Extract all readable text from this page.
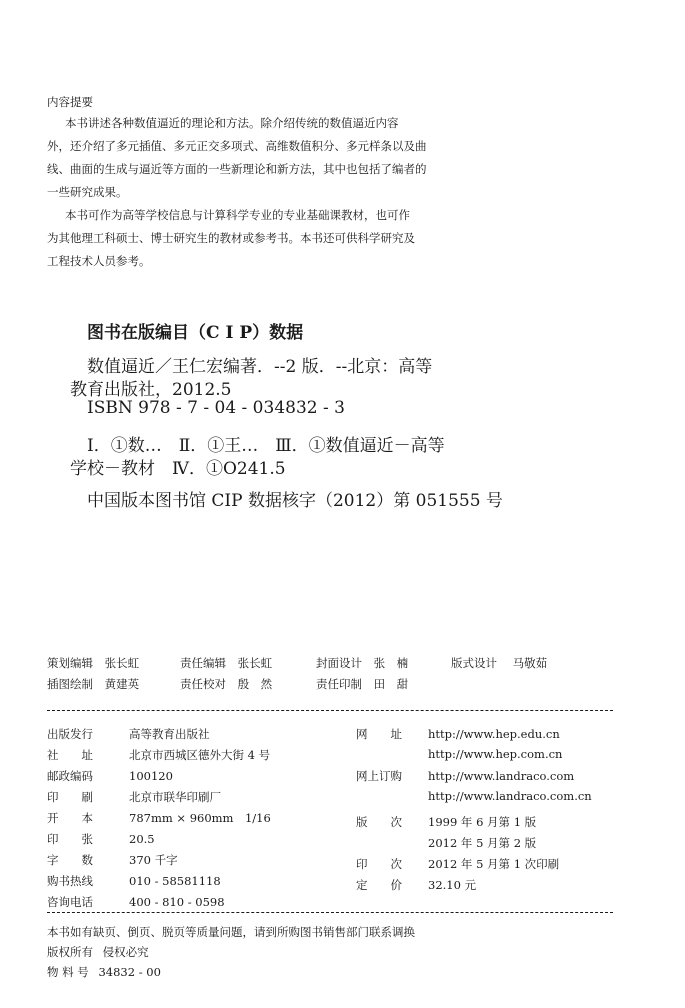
内容提要

本书讲述各种数值逼近的理论和方法。除介绍传统的数值逼近内容

外，还介绍了多元插值、多元正交多项式、高维数值积分、多元样条以及曲

线、曲面的生成与逼近等方面的一些新理论和新方法，其中也包括了编者的

一些研究成果。

本书可作为高等学校信息与计算科学专业的专业基础课教材，也可作

为其他理工科硕士、博士研究生的教材或参考书。本书还可供科学研究及

工程技术人员参考。

图书在版编目（C I P）数据
数值逼近／王仁宏编著．--2 版．--北京：高等
教育出版社，2012.5
ISBN 978 - 7 - 04 - 034832 - 3
Ⅰ．①数…　Ⅱ．①王…　Ⅲ．①数值逼近－高等
学校－教材　Ⅳ．①O241.5
中国版本图书馆 CIP 数据核字（2012）第 051555 号
策划编辑 张长虹	责任编辑 张长虹	封面设计 张　楠	版式设计 马敬茹
插图绘制 黄建英	责任校对 殷　然	责任印制 田　甜
出版发行	高等教育出版社
社　　址	北京市西城区德外大街 4 号
邮政编码	100120
印　　刷	北京市联华印刷厂
开　　本	787mm × 960mm　1/16
印　　张	20.5
字　　数	370 千字
购书热线	010 - 58581118
咨询电话	400 - 810 - 0598
网　　址 http://www.hep.edu.cn
http://www.hep.com.cn
网上订购 http://www.landraco.com
http://www.landraco.com.cn
版　　次 1999 年 6 月第 1 版
2012 年 5 月第 2 版
印　　次 2012 年 5 月第 1 次印刷
定　　价 32.10 元
本书如有缺页、倒页、脱页等质量问题，请到所购图书销售部门联系调换
版权所有 侵权必究
物 料 号 34832 - 00
